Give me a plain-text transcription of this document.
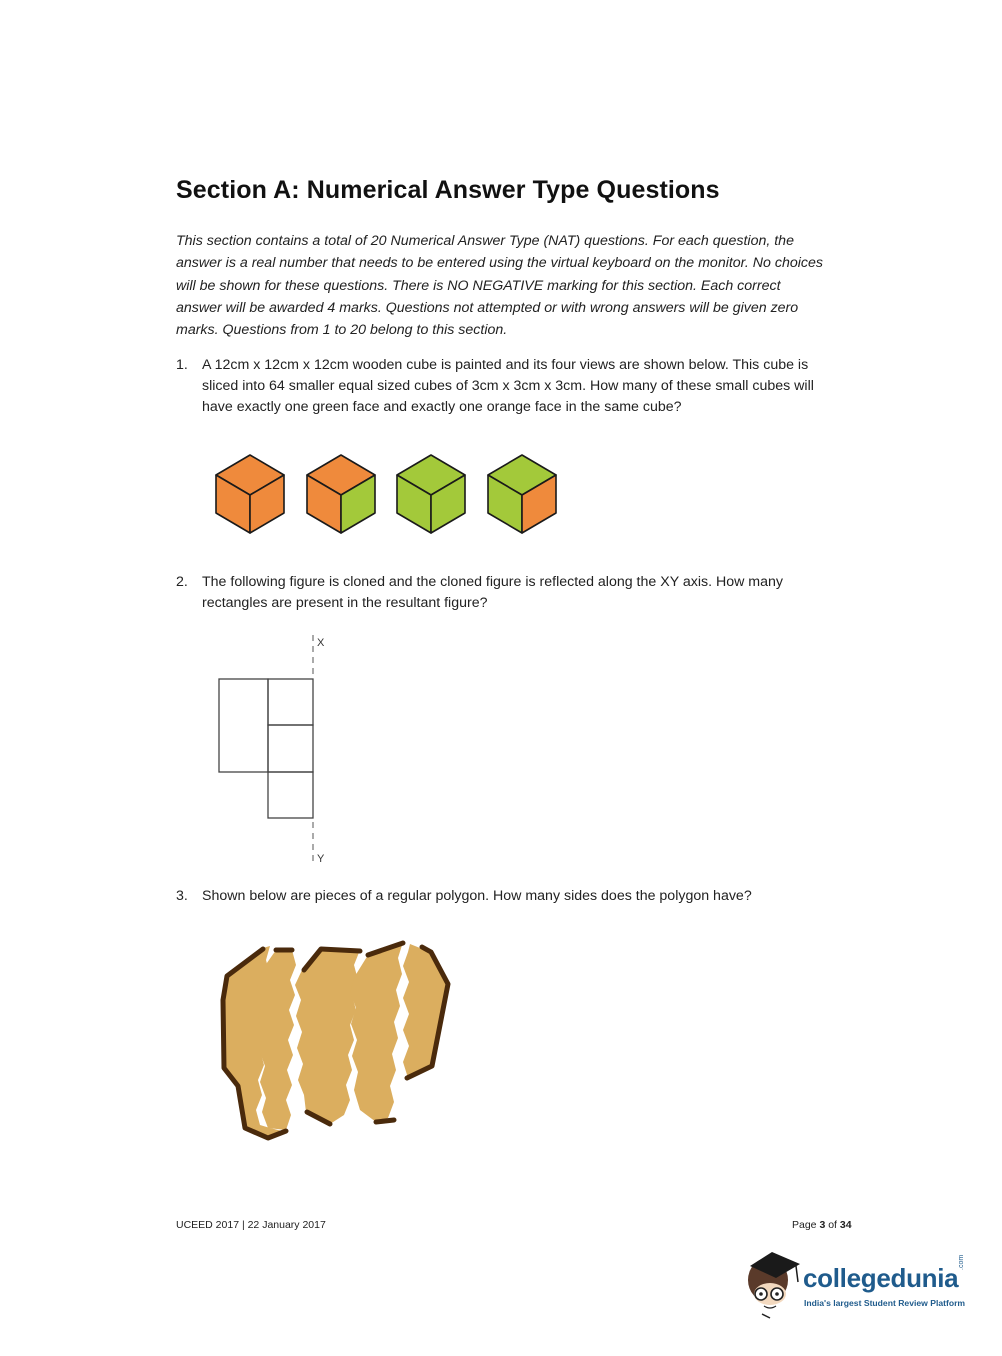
Section A: Numerical Answer Type Questions

This section contains a total of 20 Numerical Answer Type (NAT) questions. For each question, the answer is a real number that needs to be entered using the virtual keyboard on the monitor. No choices will be shown for these questions. There is NO NEGATIVE marking for this section. Each correct answer will be awarded 4 marks. Questions not attempted or with wrong answers will be given zero marks. Questions from 1 to 20 belong to this section.

1. A 12cm x 12cm x 12cm wooden cube is painted and its four views are shown below. This cube is sliced into 64 smaller equal sized cubes of 3cm x 3cm x 3cm. How many of these small cubes will have exactly one green face and exactly one orange face in the same cube?
2. The following figure is cloned and the cloned figure is reflected along the XY axis. How many rectangles are present in the resultant figure?
X
Y
3. Shown below are pieces of a regular polygon. How many sides does the polygon have?
UCEED 2017 | 22 January 2017	Page 3 of 34
collegedunia
.com
India's largest Student Review Platform
